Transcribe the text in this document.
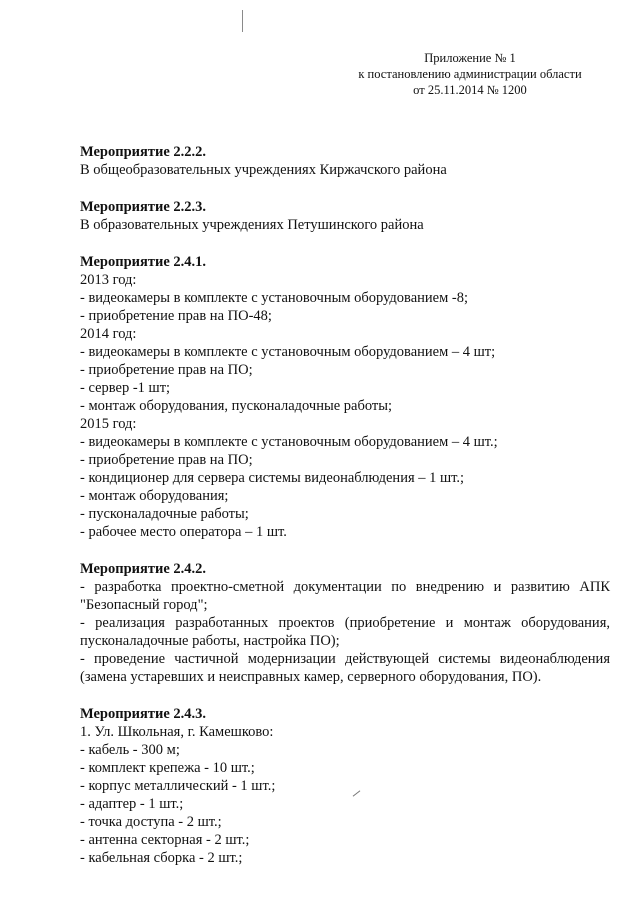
Приложение № 1
к постановлению администрации области
от 25.11.2014 № 1200
Мероприятие 2.2.2.
В общеобразовательных учреждениях Киржачского района
Мероприятие 2.2.3.
В образовательных учреждениях Петушинского района
Мероприятие 2.4.1.
2013 год:
- видеокамеры в комплекте с установочным оборудованием -8;
- приобретение прав на ПО-48;
2014 год:
- видеокамеры в комплекте с установочным оборудованием – 4 шт;
- приобретение прав на ПО;
- сервер -1 шт;
- монтаж оборудования, пусконаладочные работы;
2015 год:
- видеокамеры в комплекте с установочным оборудованием – 4 шт.;
- приобретение прав на ПО;
- кондиционер для сервера системы видеонаблюдения – 1 шт.;
- монтаж оборудования;
- пусконаладочные работы;
- рабочее место оператора – 1 шт.
Мероприятие 2.4.2.
- разработка проектно-сметной документации по внедрению и развитию АПК "Безопасный город";
- реализация разработанных проектов (приобретение и монтаж оборудования, пусконаладочные работы, настройка ПО);
- проведение частичной модернизации действующей системы видеонаблюдения (замена устаревших и неисправных камер, серверного оборудования, ПО).
Мероприятие 2.4.3.
1. Ул. Школьная, г. Камешково:
- кабель - 300 м;
- комплект крепежа - 10 шт.;
- корпус металлический - 1 шт.;
- адаптер - 1 шт.;
- точка доступа - 2 шт.;
- антенна секторная - 2 шт.;
- кабельная сборка - 2 шт.;
